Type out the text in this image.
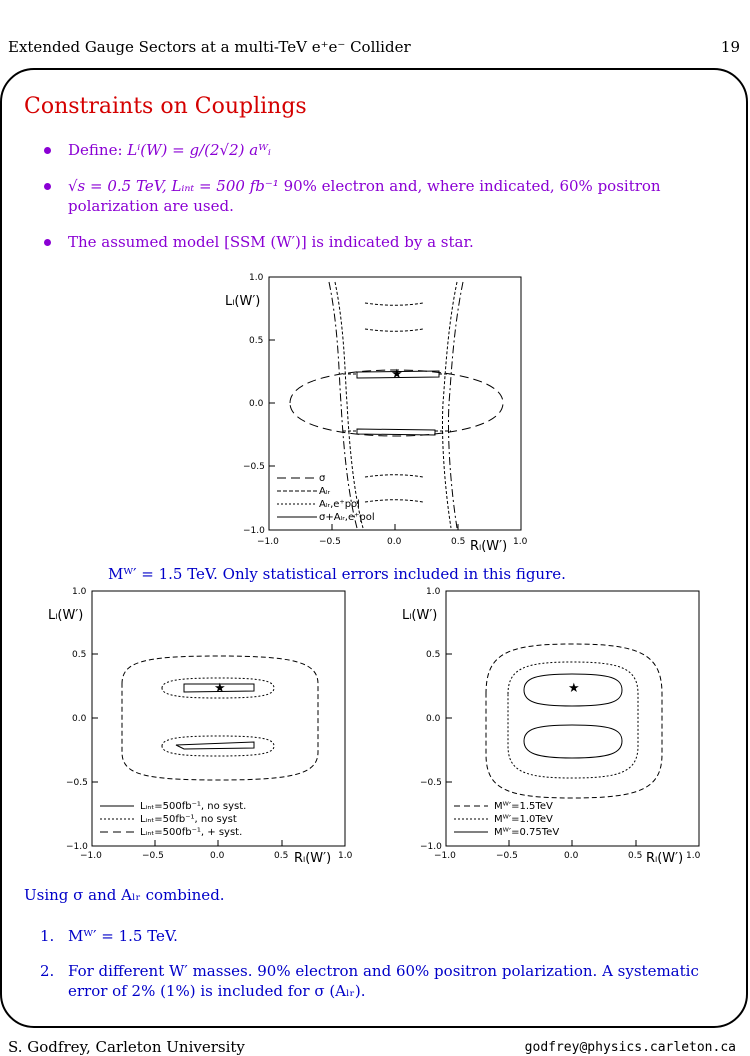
Extended Gauge Sectors at a multi-TeV e⁺e⁻ Collider	19
Constraints on Couplings
Define: Lⁱ(W) = g/(2√2) aᵂᵢ
√s = 0.5 TeV, Lᵢₙₜ = 500 fb⁻¹ 90% electron and, where indicated, 60% positron polarization are used.
The assumed model [SSM (W′)] is indicated by a star.
1.0
0.5
0.0
−0.5
−1.0
−1.0	−0.5	0.0	0.5	1.0
Lₗ(W′)
Rₗ(W′)
★
σ
Aₗᵣ
Aₗᵣ,e⁺pol
σ+Aₗᵣ,e⁺pol
Mᵂ′ = 1.5 TeV. Only statistical errors included in this figure.
1.0
0.5
0.0
−0.5
−1.0
−1.0	−0.5	0.0	0.5	1.0
Lₗ(W′)
Rₗ(W′)
★
Lᵢₙₜ=500fb⁻¹, no syst.
Lᵢₙₜ=50fb⁻¹, no syst
Lᵢₙₜ=500fb⁻¹, + syst.
1.0
0.5
0.0
−0.5
−1.0
−1.0	−0.5	0.0	0.5	1.0
Lₗ(W′)
Rₗ(W′)
★
Mᵂ′=1.5TeV
Mᵂ′=1.0TeV
Mᵂ′=0.75TeV
Using σ and Aₗᵣ combined.
1. Mᵂ′ = 1.5 TeV.
2. For different W′ masses. 90% electron and 60% positron polarization. A systematic error of 2% (1%) is included for σ (Aₗᵣ).
S. Godfrey, Carleton University	godfrey@physics.carleton.ca
